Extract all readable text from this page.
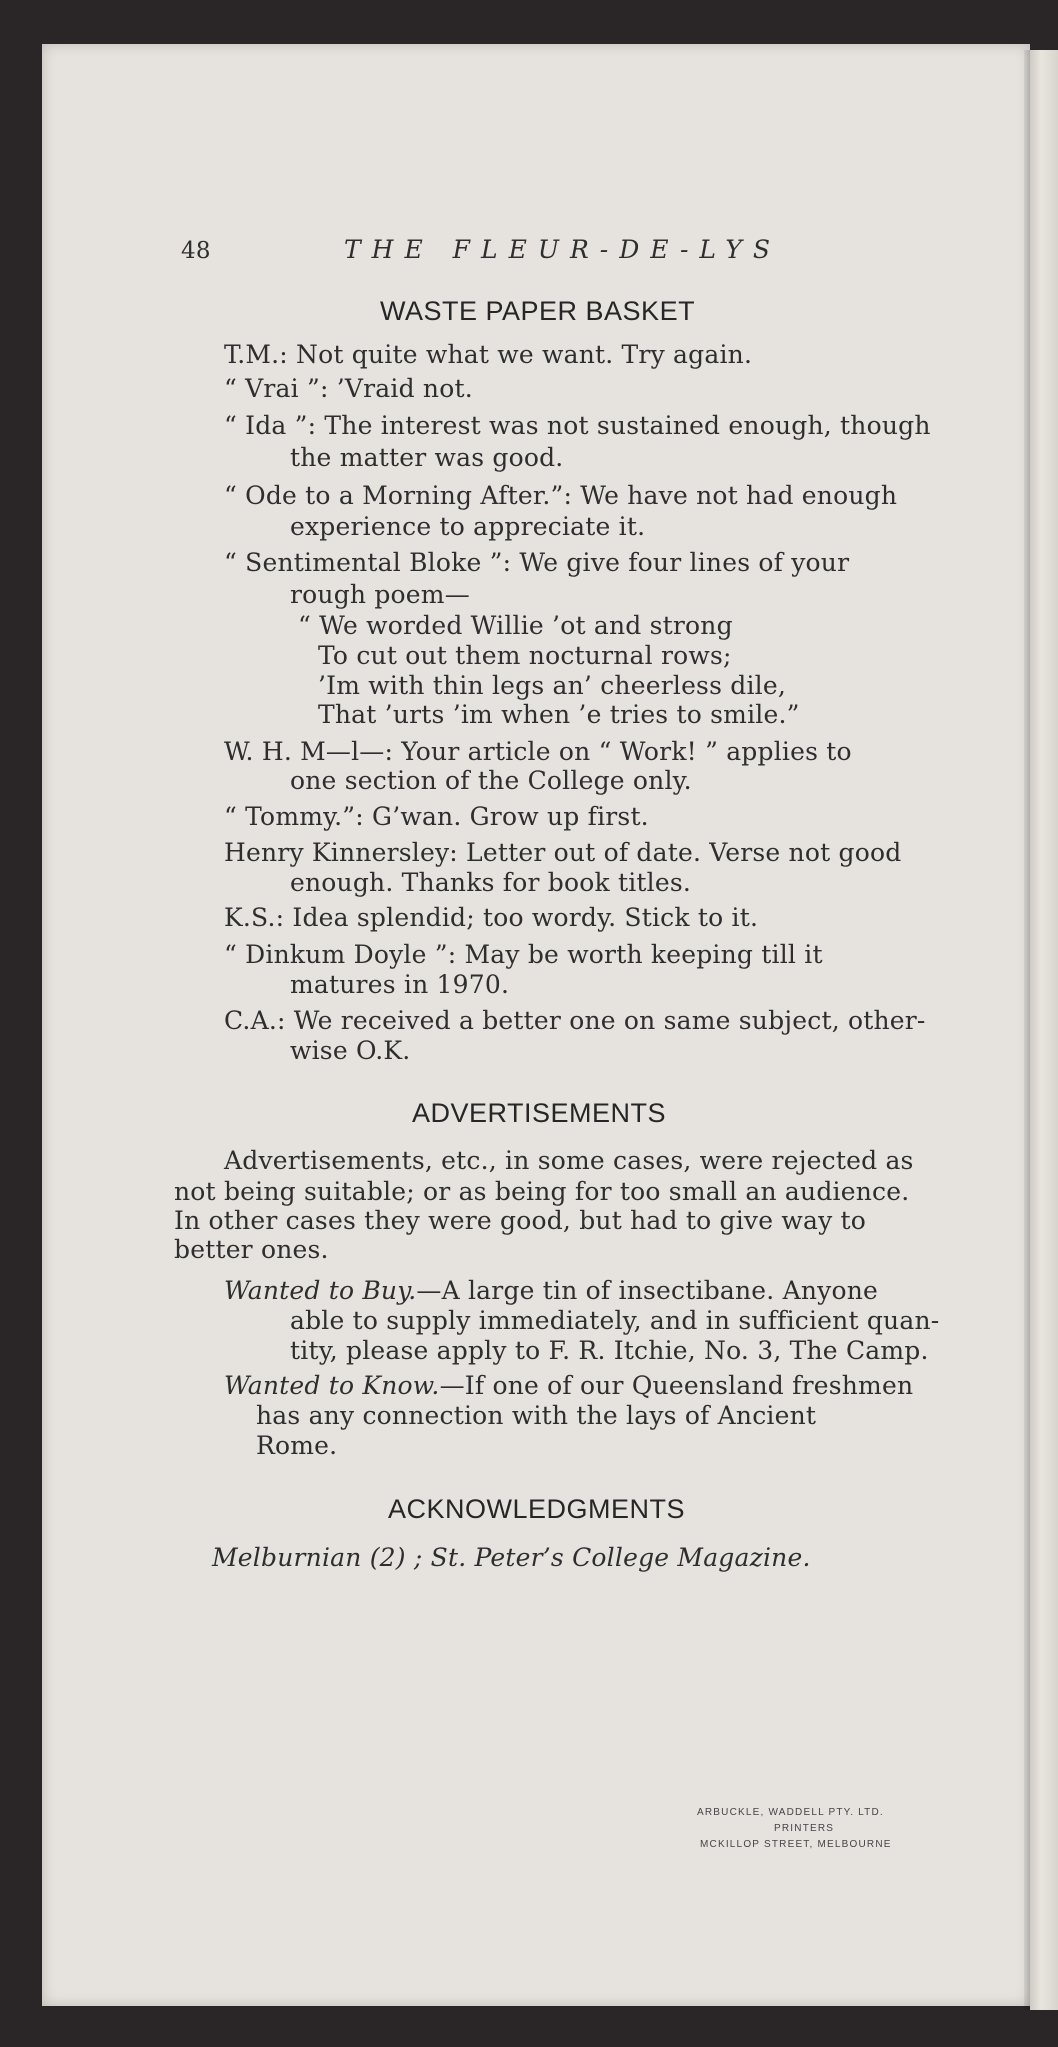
48	THE FLEUR-DE-LYS
WASTE PAPER BASKET
T.M.: Not quite what we want. Try again.
“ Vrai ”: ’Vraid not.
“ Ida ”: The interest was not sustained enough, though
the matter was good.
“ Ode to a Morning After.”: We have not had enough
experience to appreciate it.
“ Sentimental Bloke ”: We give four lines of your
rough poem—
“ We worded Willie ’ot and strong
To cut out them nocturnal rows;
’Im with thin legs an’ cheerless dile,
That ’urts ’im when ’e tries to smile.”
W. H. M—l—: Your article on “ Work! ” applies to
one section of the College only.
“ Tommy.”: G’wan. Grow up first.
Henry Kinnersley: Letter out of date. Verse not good
enough. Thanks for book titles.
K.S.: Idea splendid; too wordy. Stick to it.
“ Dinkum Doyle ”: May be worth keeping till it
matures in 1970.
C.A.: We received a better one on same subject, other-
wise O.K.
ADVERTISEMENTS
Advertisements, etc., in some cases, were rejected as
not being suitable; or as being for too small an audience.
In other cases they were good, but had to give way to
better ones.
Wanted to Buy.—A large tin of insectibane. Anyone
able to supply immediately, and in sufficient quan-
tity, please apply to F. R. Itchie, No. 3, The Camp.
Wanted to Know.—If one of our Queensland freshmen
has any connection with the lays of Ancient
Rome.
ACKNOWLEDGMENTS
Melburnian (2) ; St. Peter’s College Magazine.
ARBUCKLE, WADDELL PTY. LTD.
PRINTERS
MCKILLOP STREET, MELBOURNE
